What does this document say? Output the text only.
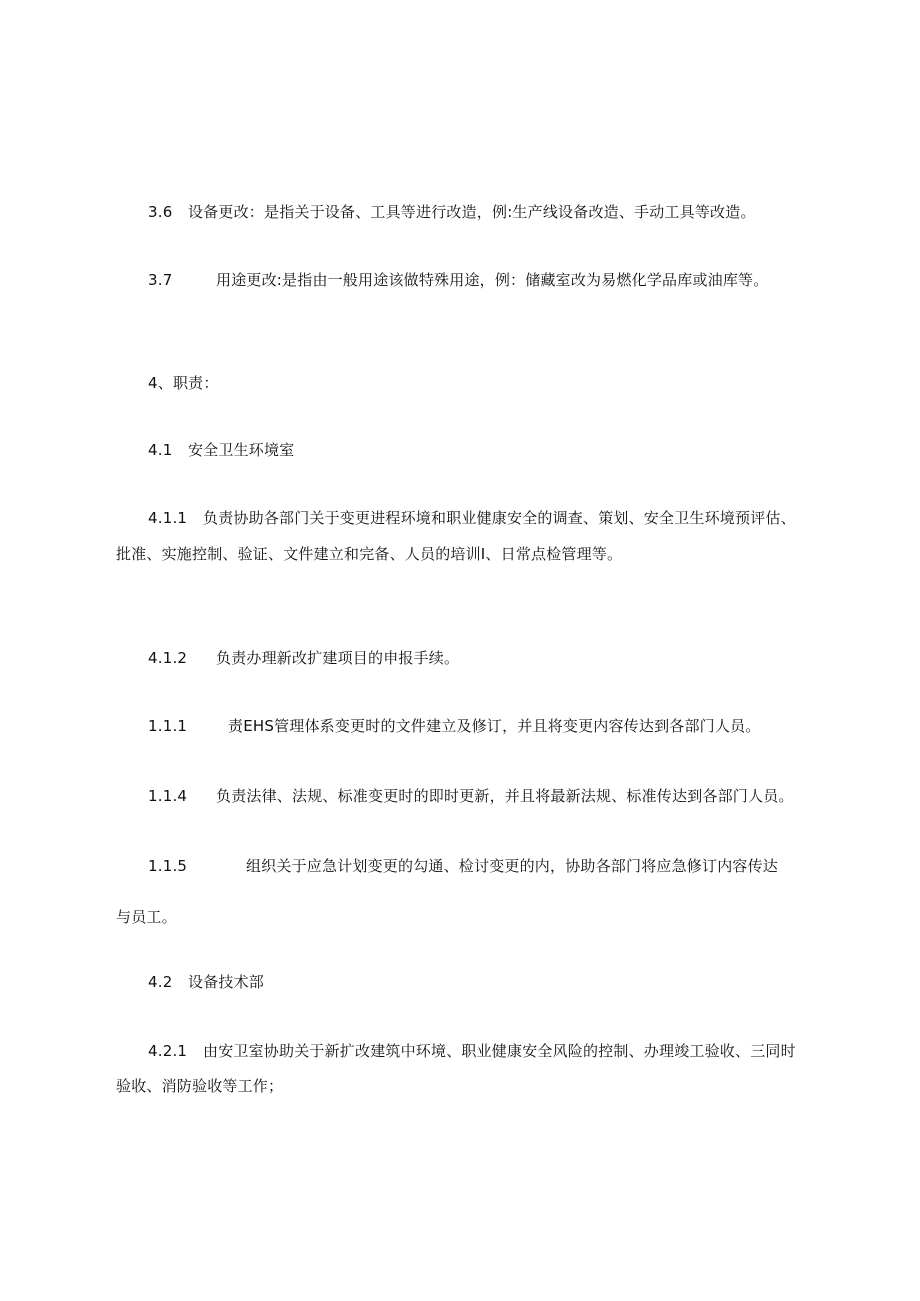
3.6 设备更改：是指关于设备、工具等进行改造，例:生产线设备改造、手动工具等改造。
3.7	用途更改:是指由一般用途该做特殊用途，例：储藏室改为易燃化学品库或油库等。
4、职责：
4.1 安全卫生环境室
4.1.1 负责协助各部门关于变更进程环境和职业健康安全的调查、策划、安全卫生环境预评估、
批准、实施控制、验证、文件建立和完备、人员的培训Ⅰ、日常点检管理等。
4.1.2 负责办理新改扩建项目的申报手续。
1.1.1	责EHS管理体系变更时的文件建立及修订，并且将变更内容传达到各部门人员。
1.1.4 负责法律、法规、标准变更时的即时更新，并且将最新法规、标准传达到各部门人员。
1.1.5	组织关于应急计划变更的勾通、检讨变更的内，协助各部门将应急修订内容传达
与员工。
4.2 设备技术部
4.2.1 由安卫室协助关于新扩改建筑中环境、职业健康安全风险的控制、办理竣工验收、三同时
验收、消防验收等工作；
